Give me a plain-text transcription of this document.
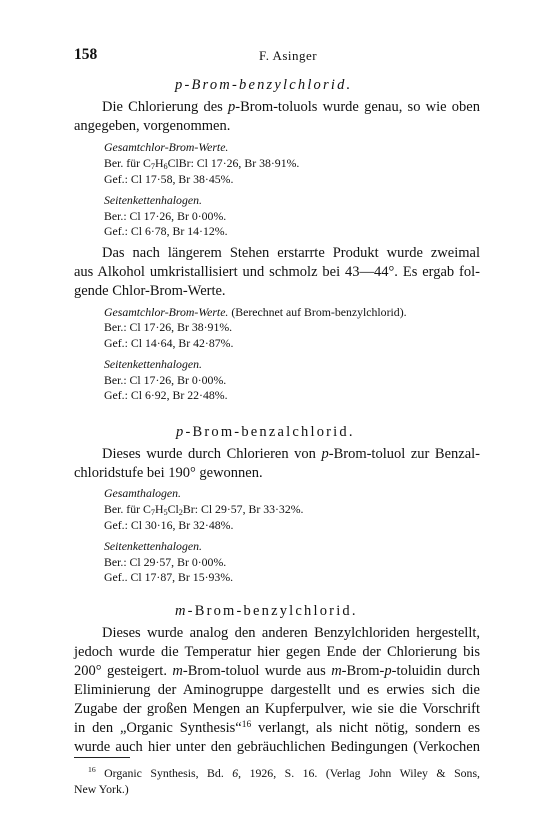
158	F. Asinger
p-Brom-benzylchlorid.
Die Chlorierung des p-Brom-toluols wurde genau, so wie oben
angegeben, vorgenommen.
Gesamtchlor-Brom-Werte.
Ber. für $C_7H_6ClBr$: Cl 17·26, Br 38·91%.
Gef.: Cl 17·58, Br 38·45%.
Seitenkettenhalogen.
Ber.: Cl 17·26, Br 0·00%.
Gef.: Cl 6·78, Br 14·12%.
Das nach längerem Stehen erstarrte Produkt wurde zweimal
aus Alkohol umkristallisiert und schmolz bei 43—44°. Es ergab fol-
gende Chlor-Brom-Werte.
Gesamtchlor-Brom-Werte. (Berechnet auf Brom-benzylchlorid).
Ber.: Cl 17·26, Br 38·91%.
Gef.: Cl 14·64, Br 42·87%.
Seitenkettenhalogen.
Ber.: Cl 17·26, Br 0·00%.
Gef.: Cl 6·92, Br 22·48%.
p-Brom-benzalchlorid.
Dieses wurde durch Chlorieren von p-Brom-toluol zur Benzal-
chloridstufe bei 190° gewonnen.
Gesamthalogen.
Ber. für $C_7H_5Cl_2Br$: Cl 29·57, Br 33·32%.
Gef.: Cl 30·16, Br 32·48%.
Seitenkettenhalogen.
Ber.: Cl 29·57, Br 0·00%.
Gef.. Cl 17·87, Br 15·93%.
m-Brom-benzylchlorid.
Dieses wurde analog den anderen Benzylchloriden hergestellt,
jedoch wurde die Temperatur hier gegen Ende der Chlorierung bis
200° gesteigert. m-Brom-toluol wurde aus m-Brom-p-toluidin durch
Eliminierung der Aminogruppe dargestellt und es erwies sich die
Zugabe der großen Mengen an Kupferpulver, wie sie die Vorschrift
in den „Organic Synthesis“$^{16}$ verlangt, als nicht nötig, sondern es
wurde auch hier unter den gebräuchlichen Bedingungen (Verkochen
$^{16}$ Organic Synthesis, Bd. 6, 1926, S. 16. (Verlag John Wiley & Sons,
New York.)
